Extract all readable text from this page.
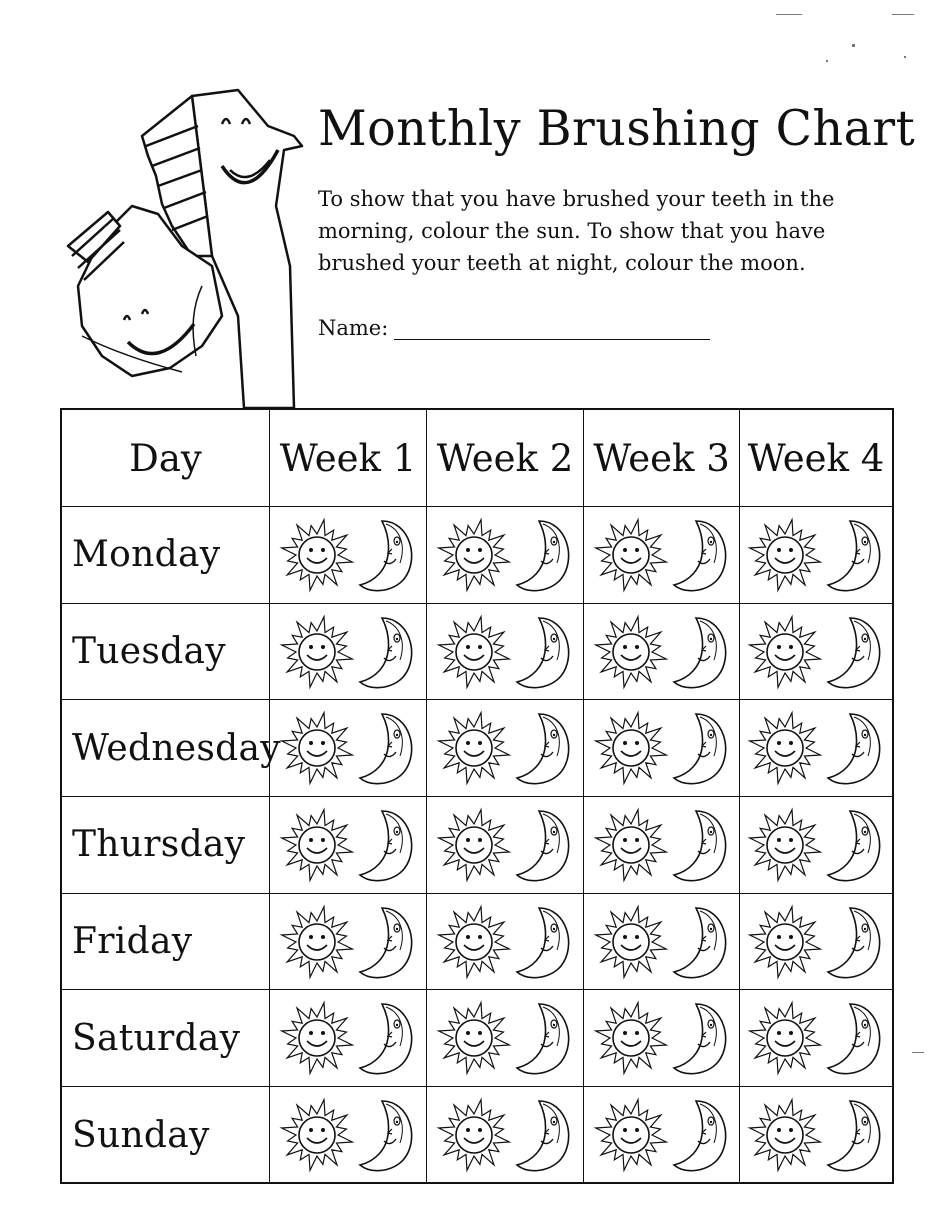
Monthly Brushing Chart

To show that you have brushed your teeth in the morning, colour the sun. To show that you have brushed your teeth at night, colour the moon.

Name:
Day	Week 1 Week 2 Week 3 Week 4
Monday
Tuesday
Wednesday
Thursday
Friday
Saturday
Sunday
